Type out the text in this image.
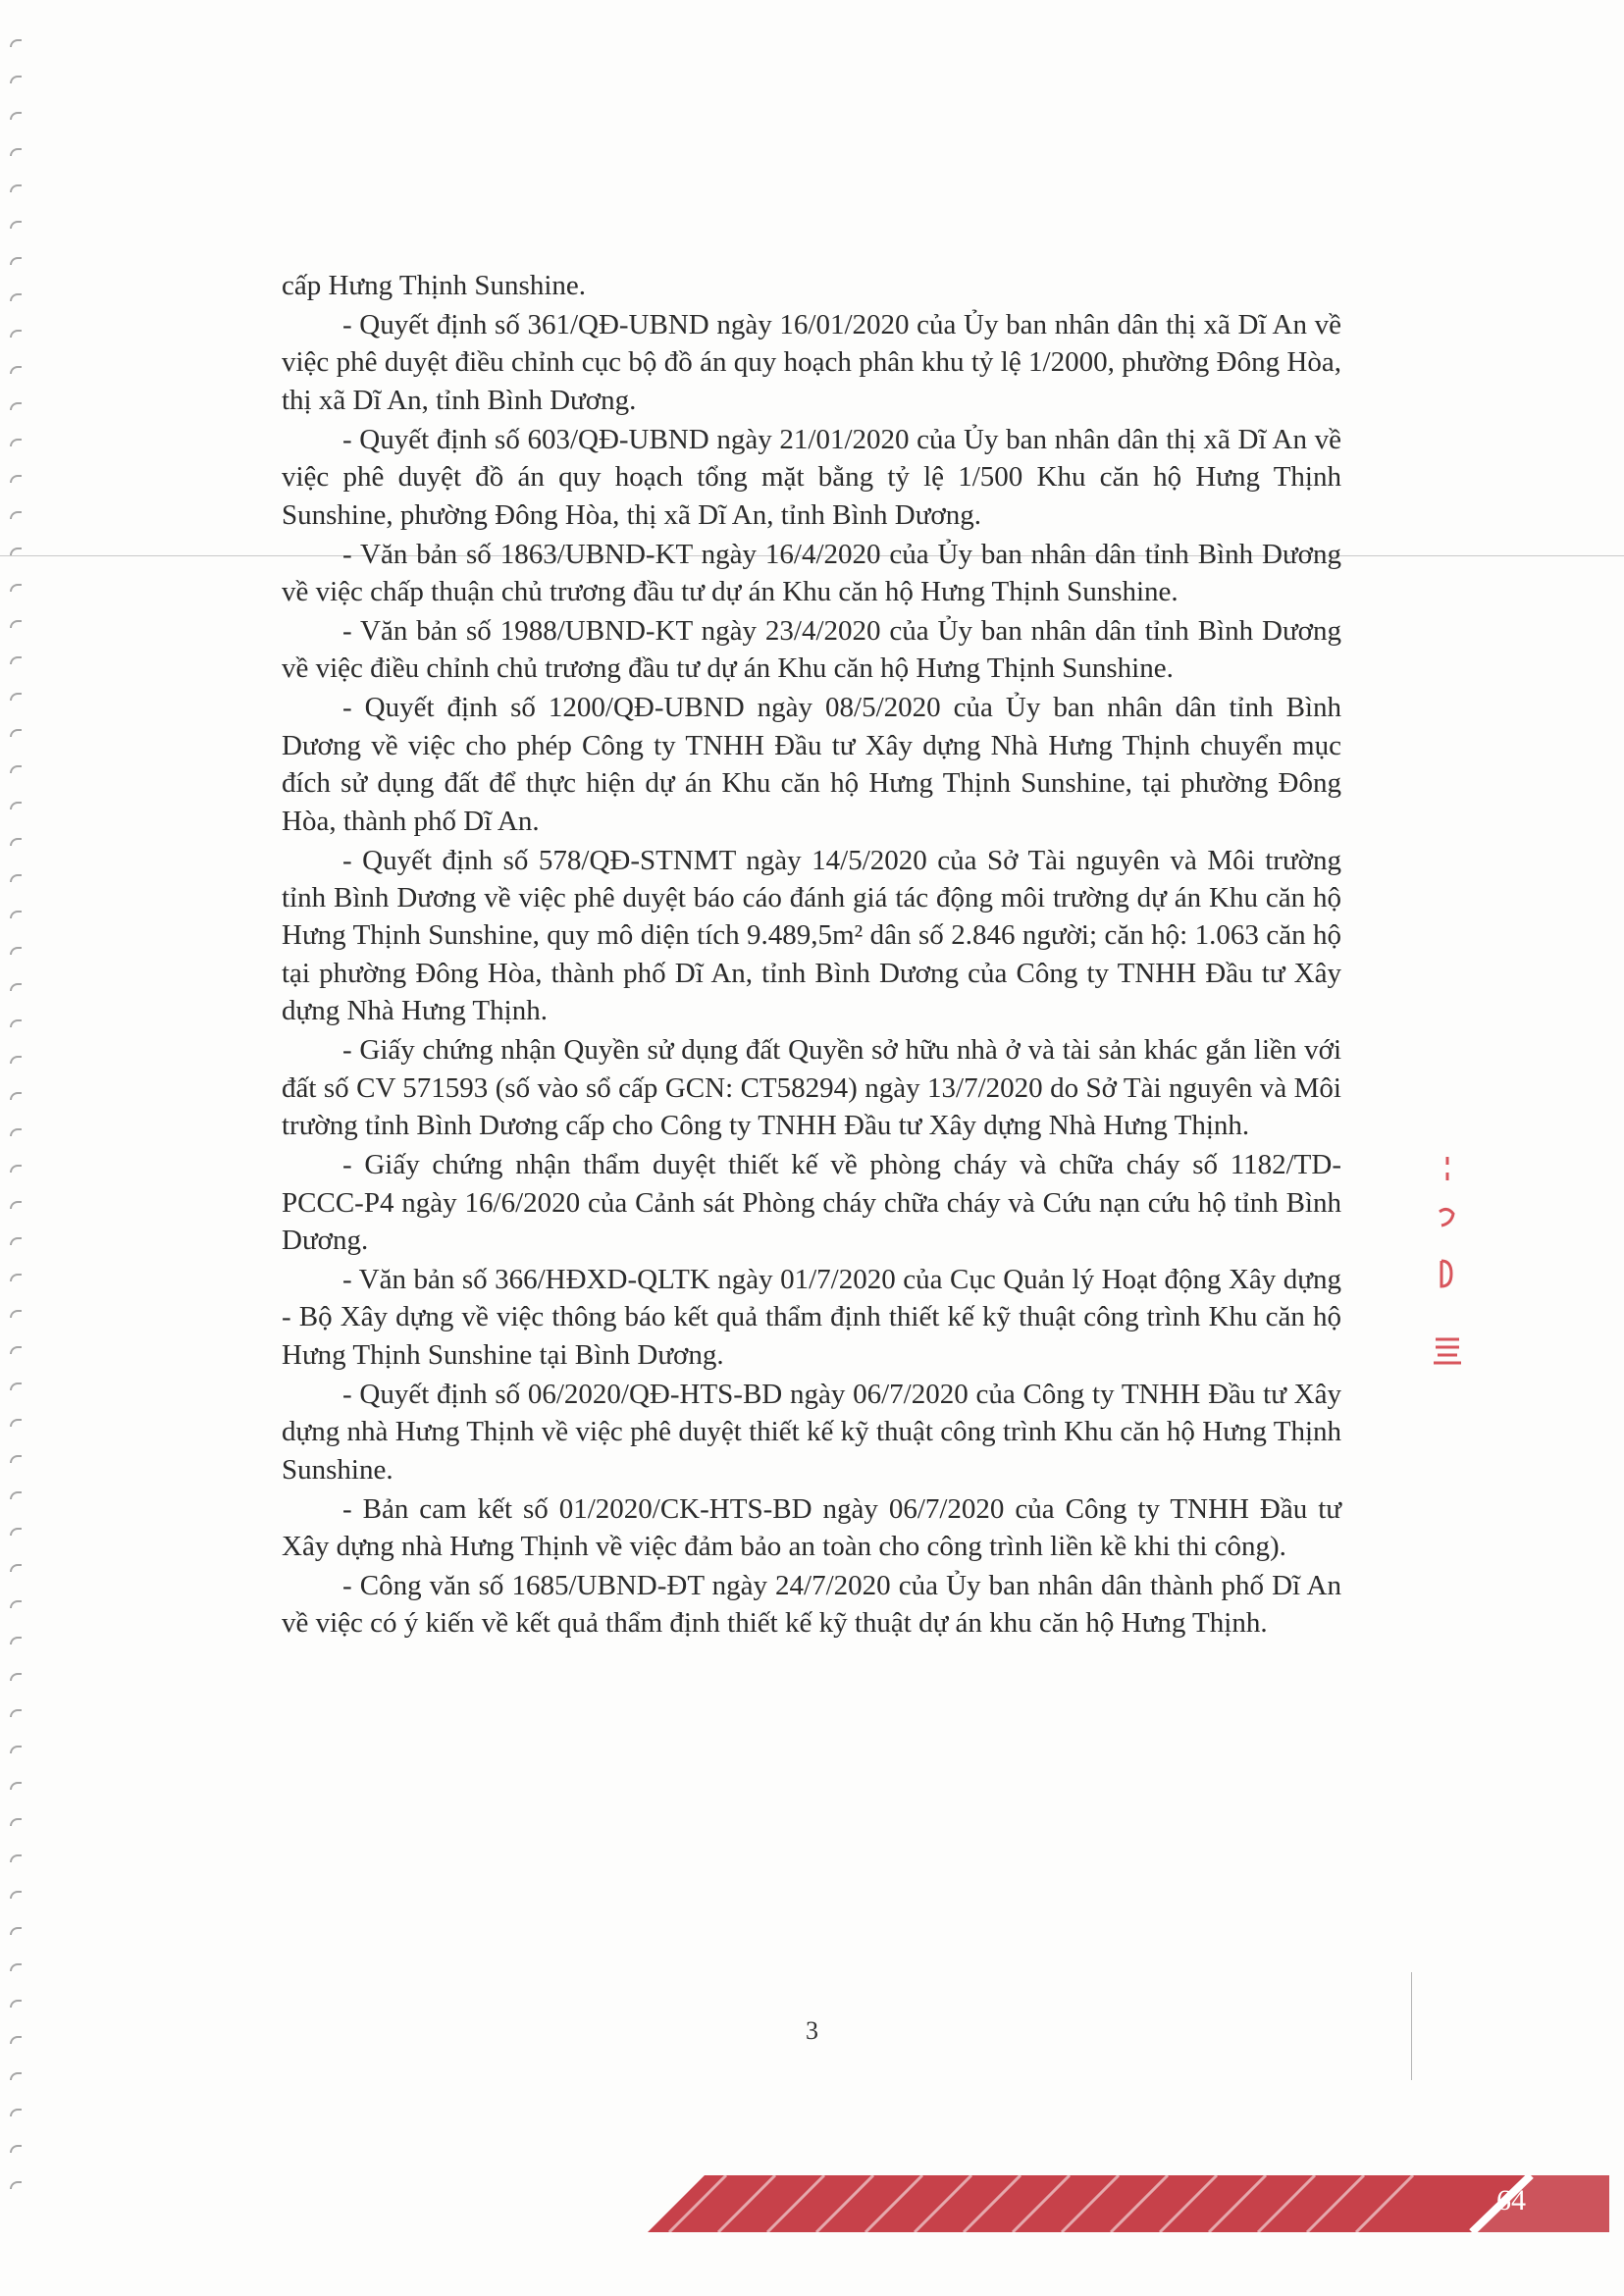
cấp Hưng Thịnh Sunshine.

- Quyết định số 361/QĐ-UBND ngày 16/01/2020 của Ủy ban nhân dân thị xã Dĩ An về việc phê duyệt điều chỉnh cục bộ đồ án quy hoạch phân khu tỷ lệ 1/2000, phường Đông Hòa, thị xã Dĩ An, tỉnh Bình Dương.

- Quyết định số 603/QĐ-UBND ngày 21/01/2020 của Ủy ban nhân dân thị xã Dĩ An về việc phê duyệt đồ án quy hoạch tổng mặt bằng tỷ lệ 1/500 Khu căn hộ Hưng Thịnh Sunshine, phường Đông Hòa, thị xã Dĩ An, tỉnh Bình Dương.

- Văn bản số 1863/UBND-KT ngày 16/4/2020 của Ủy ban nhân dân tỉnh Bình Dương về việc chấp thuận chủ trương đầu tư dự án Khu căn hộ Hưng Thịnh Sunshine.

- Văn bản số 1988/UBND-KT ngày 23/4/2020 của Ủy ban nhân dân tỉnh Bình Dương về việc điều chỉnh chủ trương đầu tư dự án Khu căn hộ Hưng Thịnh Sunshine.

- Quyết định số 1200/QĐ-UBND ngày 08/5/2020 của Ủy ban nhân dân tỉnh Bình Dương về việc cho phép Công ty TNHH Đầu tư Xây dựng Nhà Hưng Thịnh chuyển mục đích sử dụng đất để thực hiện dự án Khu căn hộ Hưng Thịnh Sunshine, tại phường Đông Hòa, thành phố Dĩ An.

- Quyết định số 578/QĐ-STNMT ngày 14/5/2020 của Sở Tài nguyên và Môi trường tỉnh Bình Dương về việc phê duyệt báo cáo đánh giá tác động môi trường dự án Khu căn hộ Hưng Thịnh Sunshine, quy mô diện tích 9.489,5m² dân số 2.846 người; căn hộ: 1.063 căn hộ tại phường Đông Hòa, thành phố Dĩ An, tỉnh Bình Dương của Công ty TNHH Đầu tư Xây dựng Nhà Hưng Thịnh.

- Giấy chứng nhận Quyền sử dụng đất Quyền sở hữu nhà ở và tài sản khác gắn liền với đất số CV 571593 (số vào sổ cấp GCN: CT58294) ngày 13/7/2020 do Sở Tài nguyên và Môi trường tỉnh Bình Dương cấp cho Công ty TNHH Đầu tư Xây dựng Nhà Hưng Thịnh.

- Giấy chứng nhận thẩm duyệt thiết kế về phòng cháy và chữa cháy số 1182/TD-PCCC-P4 ngày 16/6/2020 của Cảnh sát Phòng cháy chữa cháy và Cứu nạn cứu hộ tỉnh Bình Dương.

- Văn bản số 366/HĐXD-QLTK ngày 01/7/2020 của Cục Quản lý Hoạt động Xây dựng - Bộ Xây dựng về việc thông báo kết quả thẩm định thiết kế kỹ thuật công trình Khu căn hộ Hưng Thịnh Sunshine tại Bình Dương.

- Quyết định số 06/2020/QĐ-HTS-BD ngày 06/7/2020 của Công ty TNHH Đầu tư Xây dựng nhà Hưng Thịnh về việc phê duyệt thiết kế kỹ thuật công trình Khu căn hộ Hưng Thịnh Sunshine.

- Bản cam kết số 01/2020/CK-HTS-BD ngày 06/7/2020 của Công ty TNHH Đầu tư Xây dựng nhà Hưng Thịnh về việc đảm bảo an toàn cho công trình liền kề khi thi công).

- Công văn số 1685/UBND-ĐT ngày 24/7/2020 của Ủy ban nhân dân thành phố Dĩ An về việc có ý kiến về kết quả thẩm định thiết kế kỹ thuật dự án khu căn hộ Hưng Thịnh.

3
64
